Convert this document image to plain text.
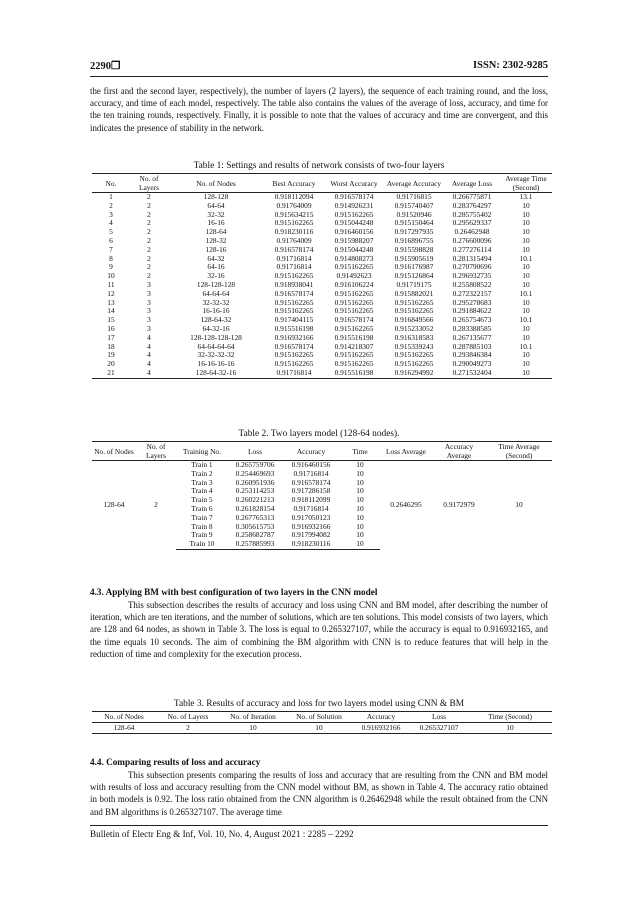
2290❒	ISSN: 2302-9285

the first and the second layer, respectively), the number of layers (2 layers), the sequence of each training round, and the loss, accuracy, and time of each model, respectively. The table also contains the values of the average of loss, accuracy, and time for the ten training rounds, respectively. Finally, it is possible to note that the values of accuracy and time are convergent, and this indicates the presence of stability in the network.

Table 1: Settings and results of network consists of two-four layers
No.	No. of Layers	No. of Nodes	Best Accuracy	Worst Accuracy	Average Accuracy	Average Loss	Average Time (Second)
1	2	128-128	0.918112094	0.916578174	0.91716815	0.266775871	13.1
2	2	64-64	0.91764009	0.914926231	0.915740407	0.283764297	10
3	2	32-32	0.915634215	0.915162265	0.91520946	0.285755402	10
4	2	16-16	0.915162265	0.915044248	0.915150464	0.295629337	10
5	2	128-64	0.918230116	0.916460156	0.917297935	0.26462948	10
6	2	128-32	0.91764009	0.915988207	0.916896755	0.276600096	10
7	2	128-16	0.916578174	0.915044248	0.915598828	0.277276114	10
8	2	64-32	0.91716814	0.914808273	0.915905619	0.281315494	10.1
9	2	64-16	0.91716814	0.915162265	0.916176987	0.270790696	10
10	2	32-16	0.915162265	0.91492623	0.915126864	0.296932735	10
11	3	128-128-128	0.918938041	0.916106224	0.91719175	0.255808522	10
12	3	64-64-64	0.916578174	0.915162265	0.915882021	0.272322157	10.1
13	3	32-32-32	0.915162265	0.915162265	0.915162265	0.295278683	10
14	3	16-16-16	0.915162265	0.915162265	0.915162265	0.291884622	10
15	3	128-64-32	0.917404115	0.916578174	0.916849566	0.265754673	10.1
16	3	64-32-16	0.915516198	0.915162265	0.915233052	0.283388585	10
17	4	128-128-128-128	0.916932166	0.915516198	0.916318583	0.267135677	10
18	4	64-64-64-64	0.916578174	0.914218307	0.915339243	0.287885103	10.1
19	4	32-32-32-32	0.915162265	0.915162265	0.915162265	0.293846384	10
20	4	16-16-16-16	0.915162265	0.915162265	0.915162265	0.290049273	10
21	4	128-64-32-16	0.91716814	0.915516198	0.916294992	0.271532404	10
Table 2. Two layers model (128-64 nodes).
No. of Nodes	No. of Layers	Training No.	Loss	Accuracy	Time	Loss Average	Accuracy Average	Time Average (Second)
128-64	2	Train 1	0.265759706	0.916460156	10	0.2646295	0.9172979	10
		Train 2	0.254469693	0.91716814	10			
		Train 3	0.260951936	0.916578174	10			
		Train 4	0.253114253	0.917286158	10			
		Train 5	0.260221213	0.918112099	10			
		Train 6	0.261828154	0.91716814	10			
		Train 7	0.267765313	0.917050123	10			
		Train 8	0.305615753	0.916932166	10			
		Train 9	0.258682787	0.917994082	10			
		Train 10	0.257885993	0.918230116	10			
4.3. Applying BM with best configuration of two layers in the CNN model

This subsection describes the results of accuracy and loss using CNN and BM model, after describing the number of iteration, which are ten iterations, and the number of solutions, which are ten solutions. This model consists of two layers, which are 128 and 64 nodes, as shown in Table 3. The loss is equal to 0.265327107, while the accuracy is equal to 0.916932165, and the time equals 10 seconds. The aim of combining the BM algorithm with CNN is to reduce features that will help in the reduction of time and complexity for the execution process.

Table 3. Results of accuracy and loss for two layers model using CNN & BM
No. of Nodes	No. of Layers	No. of Iteration	No. of Solution	Accuracy	Loss	Time (Second)
128-64	2	10	10	0.916932166	0.265327107	10
4.4. Comparing results of loss and accuracy

This subsection presents comparing the results of loss and accuracy that are resulting from the CNN and BM model with results of loss and accuracy resulting from the CNN model without BM, as shown in Table 4. The accuracy ratio obtained in both models is 0.92. The loss ratio obtained from the CNN algorithm is 0.26462948 while the result obtained from the CNN and BM algorithms is 0.265327107. The average time

Bulletin of Electr Eng & Inf, Vol. 10, No. 4, August 2021 : 2285 – 2292
